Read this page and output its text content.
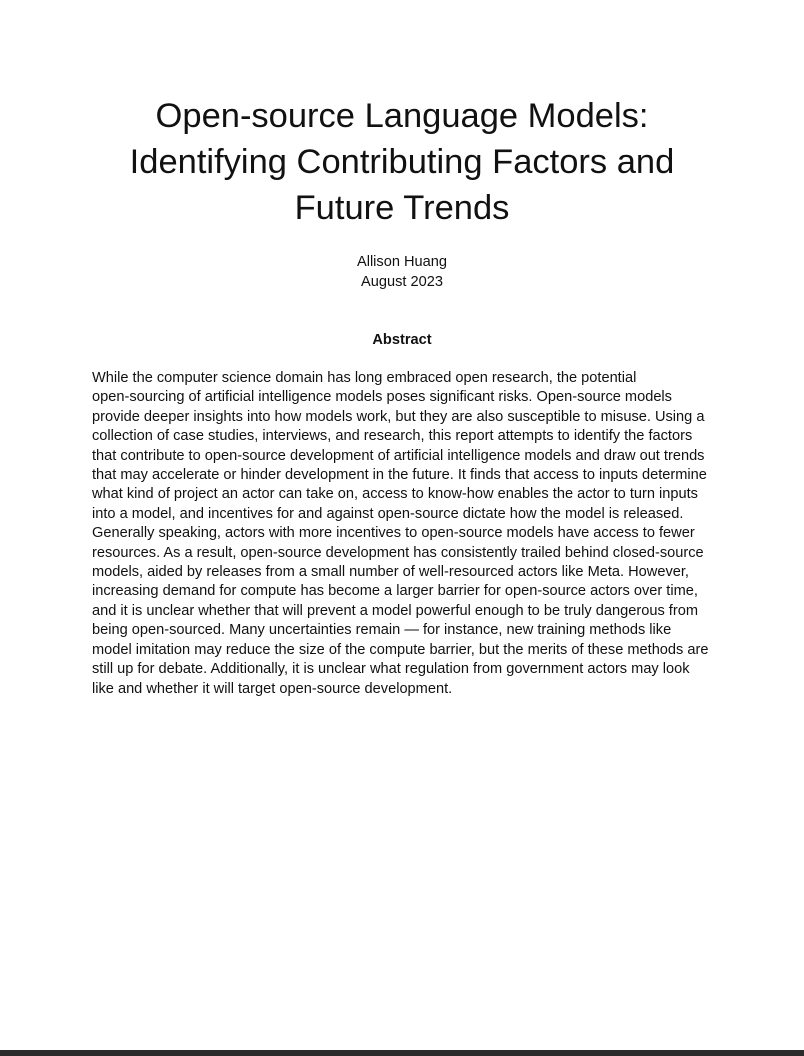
Open-source Language Models:
Identifying Contributing Factors and
Future Trends
Allison Huang
August 2023
Abstract
While the computer science domain has long embraced open research, the potential
open-sourcing of artificial intelligence models poses significant risks. Open-source models
provide deeper insights into how models work, but they are also susceptible to misuse. Using a
collection of case studies, interviews, and research, this report attempts to identify the factors
that contribute to open-source development of artificial intelligence models and draw out trends
that may accelerate or hinder development in the future. It finds that access to inputs determine
what kind of project an actor can take on, access to know-how enables the actor to turn inputs
into a model, and incentives for and against open-source dictate how the model is released.
Generally speaking, actors with more incentives to open-source models have access to fewer
resources. As a result, open-source development has consistently trailed behind closed-source
models, aided by releases from a small number of well-resourced actors like Meta. However,
increasing demand for compute has become a larger barrier for open-source actors over time,
and it is unclear whether that will prevent a model powerful enough to be truly dangerous from
being open-sourced. Many uncertainties remain — for instance, new training methods like
model imitation may reduce the size of the compute barrier, but the merits of these methods are
still up for debate. Additionally, it is unclear what regulation from government actors may look
like and whether it will target open-source development.
